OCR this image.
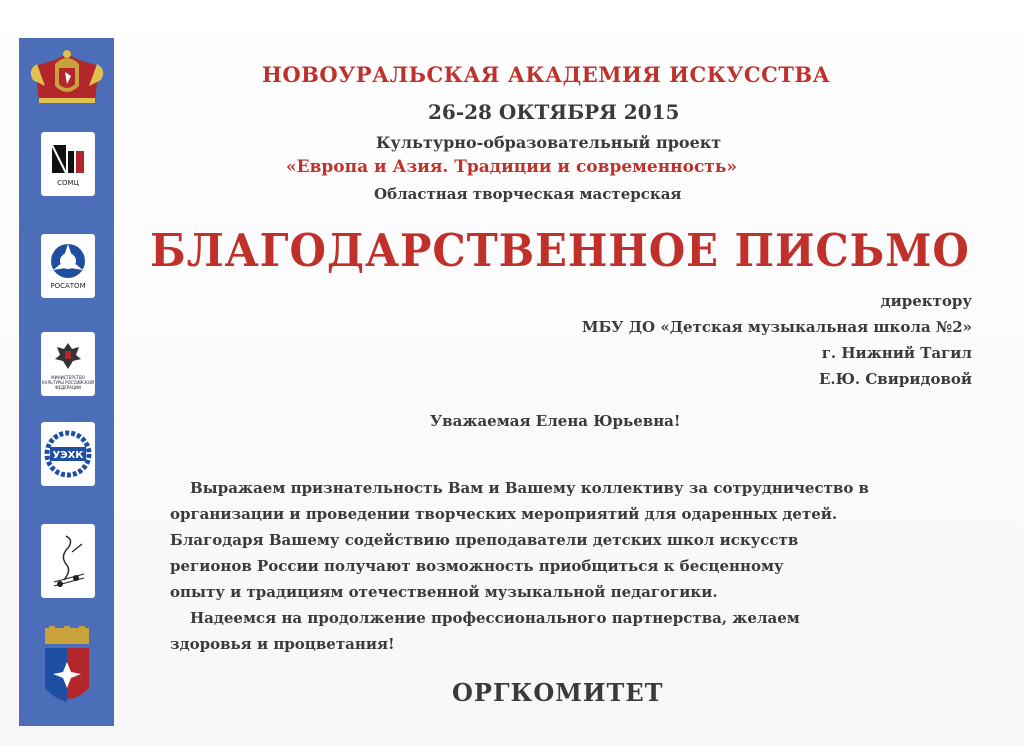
СОМЦ
РОСАТОМ
МИНИСТЕРСТВО КУЛЬТУРЫ РОССИЙСКОЙ ФЕДЕРАЦИИ
УЭХК
НОВОУРАЛЬСКАЯ АКАДЕМИЯ ИСКУССТВА
26-28 ОКТЯБРЯ 2015
Культурно-образовательный проект
«Европа и Азия. Традиции и современность»
Областная творческая мастерская
БЛАГОДАРСТВЕННОЕ ПИСЬМО
директору
МБУ ДО «Детская музыкальная школа №2»
г. Нижний Тагил
Е.Ю. Свиридовой
Уважаемая Елена Юрьевна!

Выражаем признательность Вам и Вашему коллективу за сотрудничество в

организации и проведении творческих мероприятий для одаренных детей.

Благодаря Вашему содействию преподаватели детских школ искусств

регионов России получают возможность приобщиться к бесценному

опыту и традициям отечественной музыкальной педагогики.

Надеемся на продолжение профессионального партнерства, желаем

здоровья и процветания!

ОРГКОМИТЕТ
